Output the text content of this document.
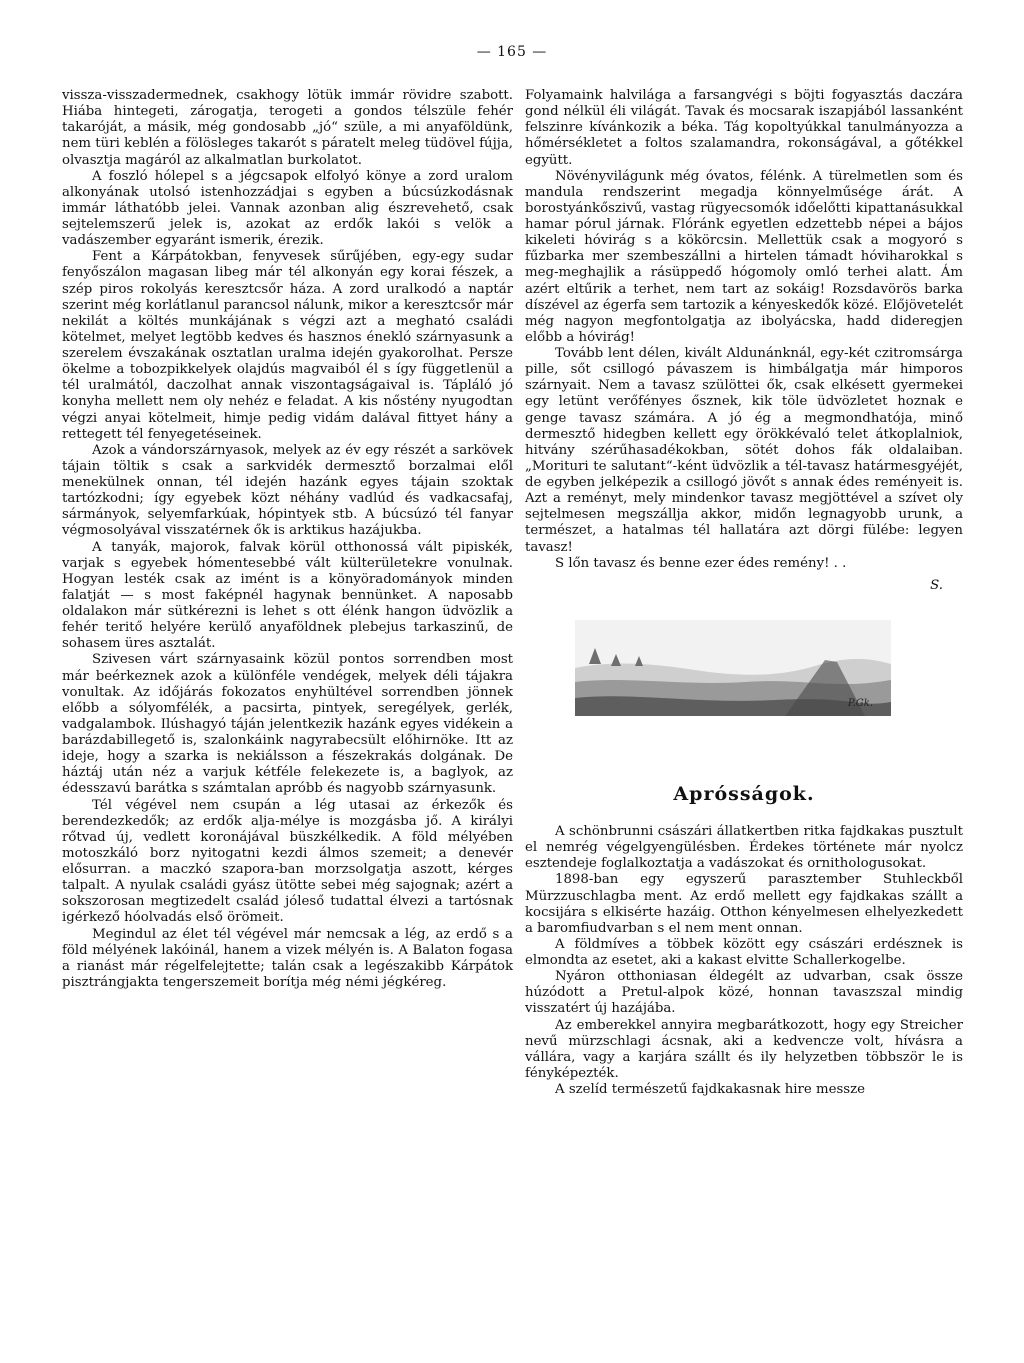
— 165 —

vissza-visszadermednek, csakhogy lötük immár rövidre szabott. Hiába hintegeti, zárogatja, terogeti a gondos télszüle fehér takaróját, a másik, még gondosabb „jó“ szüle, a mi anyaföldünk, nem türi keblén a fölösleges takarót s páratelt meleg tüdövel fújja, olvasztja magáról az alkalmatlan burkolatot.

A foszló hólepel s a jégcsapok elfolyó könye a zord uralom alkonyának utolsó istenhozzádjai s egyben a búcsúzkodásnak immár láthatóbb jelei. Vannak azonban alig észrevehető, csak sejtelemszerű jelek is, azokat az erdők lakói s velök a vadászember egyaránt ismerik, érezik.

Fent a Kárpátokban, fenyvesek sűrűjében, egy-egy sudar fenyőszálon magasan libeg már tél alkonyán egy korai fészek, a szép piros rokolyás keresztcsőr háza. A zord uralkodó a naptár szerint még korlátlanul parancsol nálunk, mikor a keresztcsőr már nekilát a költés munkájának s végzi azt a megható családi kötelmet, melyet legtöbb kedves és hasznos énekló szárnyasunk a szerelem évszakának osztatlan uralma idején gyakorolhat. Persze ökelme a tobozpikkelyek olajdús magvaiból él s így függetlenül a tél uralmától, daczolhat annak viszontagságaival is. Tápláló jó konyha mellett nem oly nehéz e feladat. A kis nőstény nyugodtan végzi anyai kötelmeit, himje pedig vidám dalával fittyet hány a rettegett tél fenyegetéseinek.

Azok a vándorszárnyasok, melyek az év egy részét a sarkövek tájain töltik s csak a sarkvidék dermesztő borzalmai elől menekülnek onnan, tél idején hazánk egyes tájain szoktak tartózkodni; így egyebek közt néhány vadlúd és vadkacsafaj, sármányok, selyemfarkúak, hópintyek stb. A búcsúzó tél fanyar végmosolyával visszatérnek ők is arktikus hazájukba.

A tanyák, majorok, falvak körül otthonossá vált pipiskék, varjak s egyebek hómentesebbé vált külterületekre vonulnak. Hogyan lesték csak az imént is a könyöradományok minden falatját — s most faképnél hagynak bennünket. A naposabb oldalakon már sütkérezni is lehet s ott élénk hangon üdvözlik a fehér teritő helyére kerülő anyaföldnek plebejus tarkaszinű, de sohasem üres asztalát.

Szivesen várt szárnyasaink közül pontos sorrendben most már beérkeznek azok a különféle vendégek, melyek déli tájakra vonultak. Az időjárás fokozatos enyhültével sorrendben jönnek előbb a sólyomfélék, a pacsirta, pintyek, seregélyek, gerlék, vadgalambok. Ilúshagyó táján jelentkezik hazánk egyes vidékein a barázdabillegető is, szalonkáink nagyrabecsült előhirnöke. Itt az ideje, hogy a szarka is nekiálsson a fészekrakás dolgának. De háztáj után néz a varjuk kétféle felekezete is, a baglyok, az édesszavú barátka s számtalan apróbb és nagyobb szárnyasunk.

Tél végével nem csupán a lég utasai az érkezők és berendezkedők; az erdők alja-mélye is mozgásba jő. A királyi rőtvad új, vedlett koronájával büszkélkedik. A föld mélyében motoszkáló borz nyitogatni kezdi álmos szemeit; a denevér elősurran. a maczkó szapora-ban morzsolgatja aszott, kérges talpalt. A nyulak családi gyász ütötte sebei még sajognak; azért a sokszorosan megtizedelt család jóleső tudattal élvezi a tartósnak igérkező hóolvadás első örömeit.

Megindul az élet tél végével már nemcsak a lég, az erdő s a föld mélyének lakóinál, hanem a vizek mélyén is. A Balaton fogasa a rianást már régelfelejtette; talán csak a legészakibb Kárpátok pisztrángjakta tengerszemeit borítja még némi jégkéreg.

Folyamaink halvilága a farsangvégi s böjti fogyasztás daczára gond nélkül éli világát. Tavak és mocsarak iszapjából lassanként felszinre kívánkozik a béka. Tág kopoltyúkkal tanulmányozza a hőmérsékletet a foltos szalamandra, rokonságával, a gőtékkel együtt.

Növényvilágunk még óvatos, félénk. A türelmetlen som és mandula rendszerint megadja könnyelműsége árát. A borostyánkőszivű, vastag rügyecsomók időelőtti kipattanásukkal hamar pórul járnak. Flóránk egyetlen edzettebb népei a bájos kikeleti hóvirág s a kökörcsin. Mellettük csak a mogyoró s fűzbarka mer szembeszállni a hirtelen támadt hóviharokkal s meg-meghajlik a rásüppedő hógomoly omló terhei alatt. Ám azért eltűrik a terhet, nem tart az sokáig! Rozsdavörös barka díszével az égerfa sem tartozik a kényeskedők közé. Előjövetelét még nagyon megfontolgatja az ibolyácska, hadd dideregjen előbb a hóvirág!

Tovább lent délen, kivált Aldunánknál, egy-két czitromsárga pille, sőt csillogó pávaszem is himbálgatja már himporos szárnyait. Nem a tavasz szülöttei ők, csak elkésett gyermekei egy letünt verőfényes ősznek, kik töle üdvözletet hoznak e genge tavasz számára. A jó ég a megmondhatója, minő dermesztő hidegben kellett egy örökkévaló telet átkoplalniok, hitvány szérűhasadékokban, sötét dohos fák oldalaiban. „Morituri te salutant“-ként üdvözlik a tél-tavasz határmesgyéjét, de egyben jelképezik a csillogó jövőt s annak édes reményeit is. Azt a reményt, mely mindenkor tavasz megjöttével a szívet oly sejtelmesen megszállja akkor, midőn legnagyobb urunk, a természet, a hatalmas tél hallatára azt dörgi fülébe: legyen tavasz!

S lőn tavasz és benne ezer édes remény! . .

S.
P.Gk.
Aprósságok.

A schönbrunni császári állatkertben ritka fajdkakas pusztult el nemrég végelgyengülésben. Érdekes története már nyolcz esztendeje foglalkoztatja a vadászokat és ornithologusokat.

1898-ban egy egyszerű parasztember Stuhleckből Mürzzuschlagba ment. Az erdő mellett egy fajdkakas szállt a kocsijára s elkisérte hazáig. Otthon kényelmesen elhelyezkedett a baromfiudvarban s el nem ment onnan.

A földmíves a többek között egy császári erdésznek is elmondta az esetet, aki a kakast elvitte Schallerkogelbe.

Nyáron otthoniasan éldegélt az udvarban, csak össze húzódott a Pretul-alpok közé, honnan tavaszszal mindig visszatért új hazájába.

Az emberekkel annyira megbarátkozott, hogy egy Streicher nevű mürzschlagi ácsnak, aki a kedvencze volt, hívásra a vállára, vagy a karjára szállt és ily helyzetben többször le is fényképezték.

A szelíd természetű fajdkakasnak hire messze
